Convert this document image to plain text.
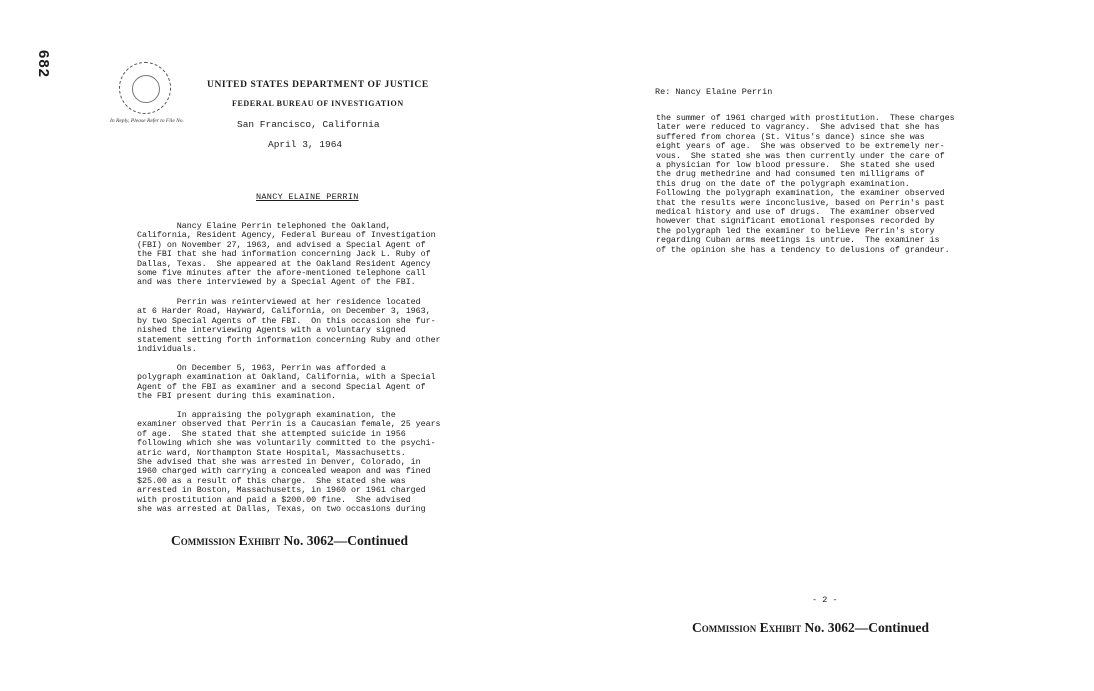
682
In Reply, Please Refer to File No.
UNITED STATES DEPARTMENT OF JUSTICE
FEDERAL BUREAU OF INVESTIGATION
San Francisco, California
April 3, 1964
NANCY ELAINE PERRIN
Nancy Elaine Perrin telephoned the Oakland,
California, Resident Agency, Federal Bureau of Investigation
(FBI) on November 27, 1963, and advised a Special Agent of
the FBI that she had information concerning Jack L. Ruby of
Dallas, Texas.  She appeared at the Oakland Resident Agency
some five minutes after the afore-mentioned telephone call
and was there interviewed by a Special Agent of the FBI.
Perrin was reinterviewed at her residence located
at 6 Harder Road, Hayward, California, on December 3, 1963,
by two Special Agents of the FBI.  On this occasion she fur-
nished the interviewing Agents with a voluntary signed
statement setting forth information concerning Ruby and other
individuals.
On December 5, 1963, Perrin was afforded a
polygraph examination at Oakland, California, with a Special
Agent of the FBI as examiner and a second Special Agent of
the FBI present during this examination.
In appraising the polygraph examination, the
examiner observed that Perrin is a Caucasian female, 25 years
of age.  She stated that she attempted suicide in 1956
following which she was voluntarily committed to the psychi-
atric ward, Northampton State Hospital, Massachusetts.
She advised that she was arrested in Denver, Colorado, in
1960 charged with carrying a concealed weapon and was fined
$25.00 as a result of this charge.  She stated she was
arrested in Boston, Massachusetts, in 1960 or 1961 charged
with prostitution and paid a $200.00 fine.  She advised
she was arrested at Dallas, Texas, on two occasions during
Commission Exhibit No. 3062—Continued
Re: Nancy Elaine Perrin
the summer of 1961 charged with prostitution.  These charges
later were reduced to vagrancy.  She advised that she has
suffered from chorea (St. Vitus's dance) since she was
eight years of age.  She was observed to be extremely ner-
vous.  She stated she was then currently under the care of
a physician for low blood pressure.  She stated she used
the drug methedrine and had consumed ten milligrams of
this drug on the date of the polygraph examination.
Following the polygraph examination, the examiner observed
that the results were inconclusive, based on Perrin's past
medical history and use of drugs.  The examiner observed
however that significant emotional responses recorded by
the polygraph led the examiner to believe Perrin's story
regarding Cuban arms meetings is untrue.  The examiner is
of the opinion she has a tendency to delusions of grandeur.
- 2 -
Commission Exhibit No. 3062—Continued
